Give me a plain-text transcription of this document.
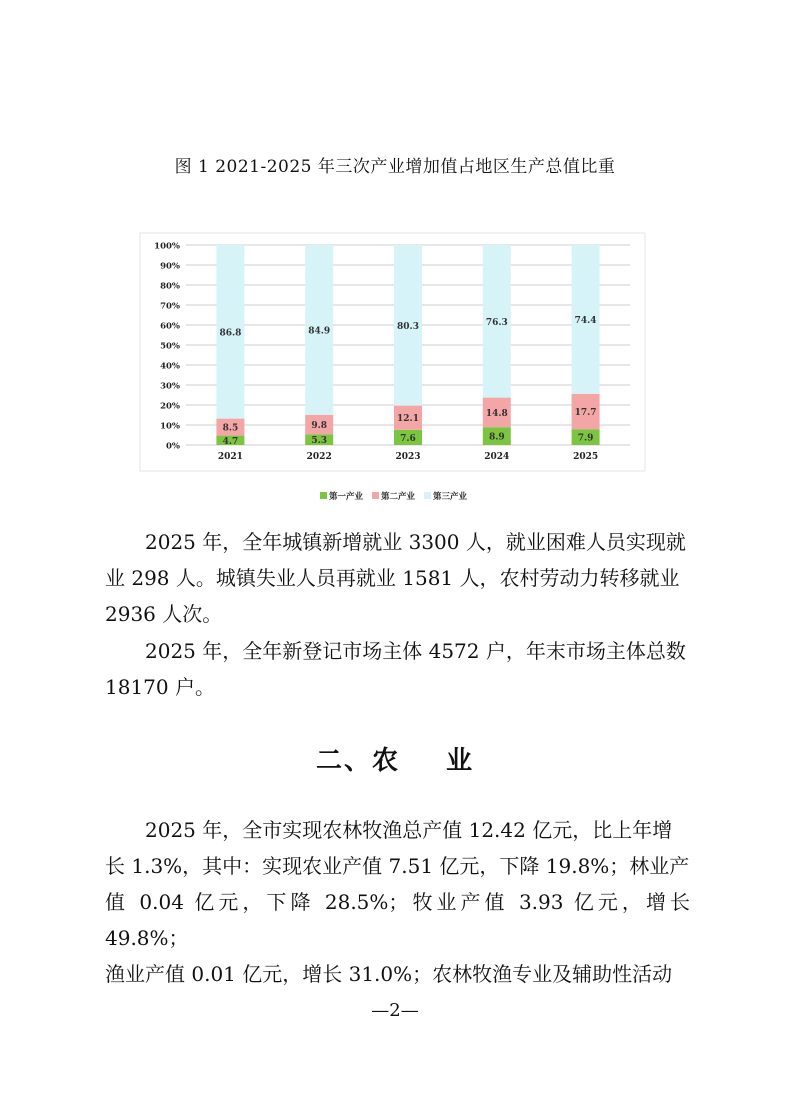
图 1 2021-2025 年三次产业增加值占地区生产总值比重
0%
10%
20%
30%
40%
50%
60%
70%
80%
90%
100%
4.7
8.5
86.8
2021
5.3
9.8
84.9
2022
7.6
12.1
80.3
2023
8.9
14.8
76.3
2024
7.9
17.7
74.4
2025
第一产业 第二产业 第三产业

2025 年，全年城镇新增就业 3300 人，就业困难人员实现就
业 298 人。城镇失业人员再就业 1581 人，农村劳动力转移就业
2936 人次。

2025 年，全年新登记市场主体 4572 户，年末市场主体总数
18170 户。

二、农 业

2025 年，全市实现农林牧渔总产值 12.42 亿元，比上年增
长 1.3%，其中：实现农业产值 7.51 亿元，下降 19.8%；林业产
值 0.04 亿元，下降 28.5%；牧业产值 3.93 亿元，增长 49.8%；
渔业产值 0.01 亿元，增长 31.0%；农林牧渔专业及辅助性活动

—2—
